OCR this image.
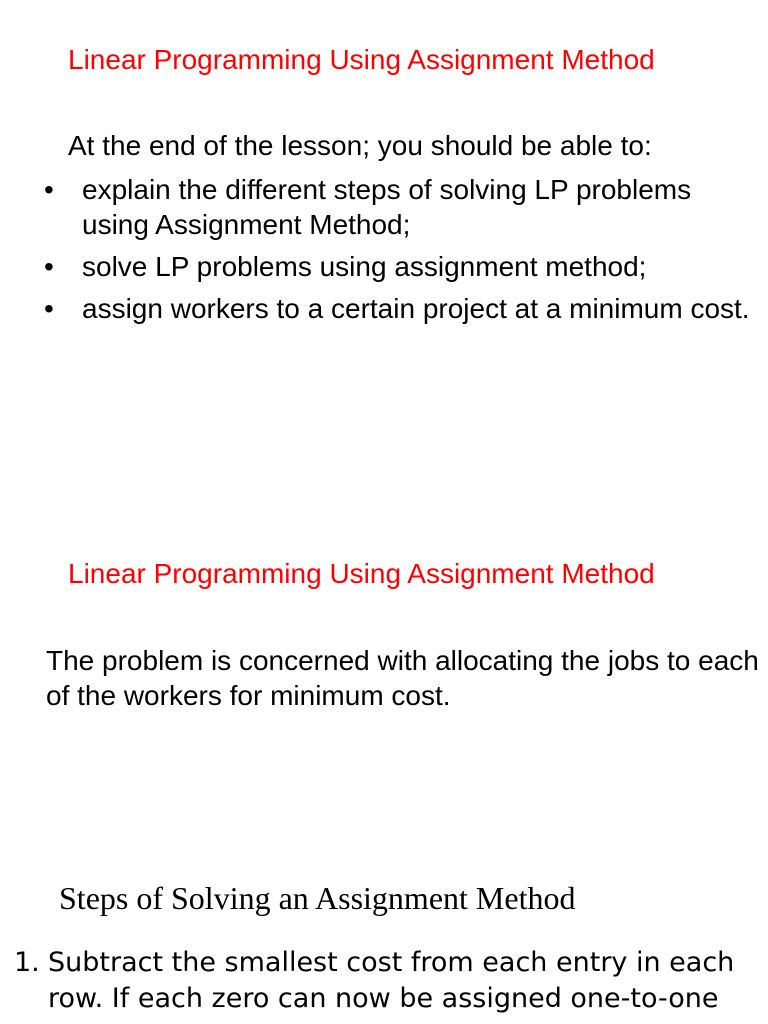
Linear Programming Using Assignment Method
At the end of the lesson; you should be able to:
• explain the different steps of solving LP problems using Assignment Method;
• solve LP problems using assignment method;
• assign workers to a certain project at a minimum cost.
Linear Programming Using Assignment Method

The problem is concerned with allocating the jobs to each of the workers for minimum cost.

Steps of Solving an Assignment Method
1. Subtract the smallest cost from each entry in each row. If each zero can now be assigned one-to-one
